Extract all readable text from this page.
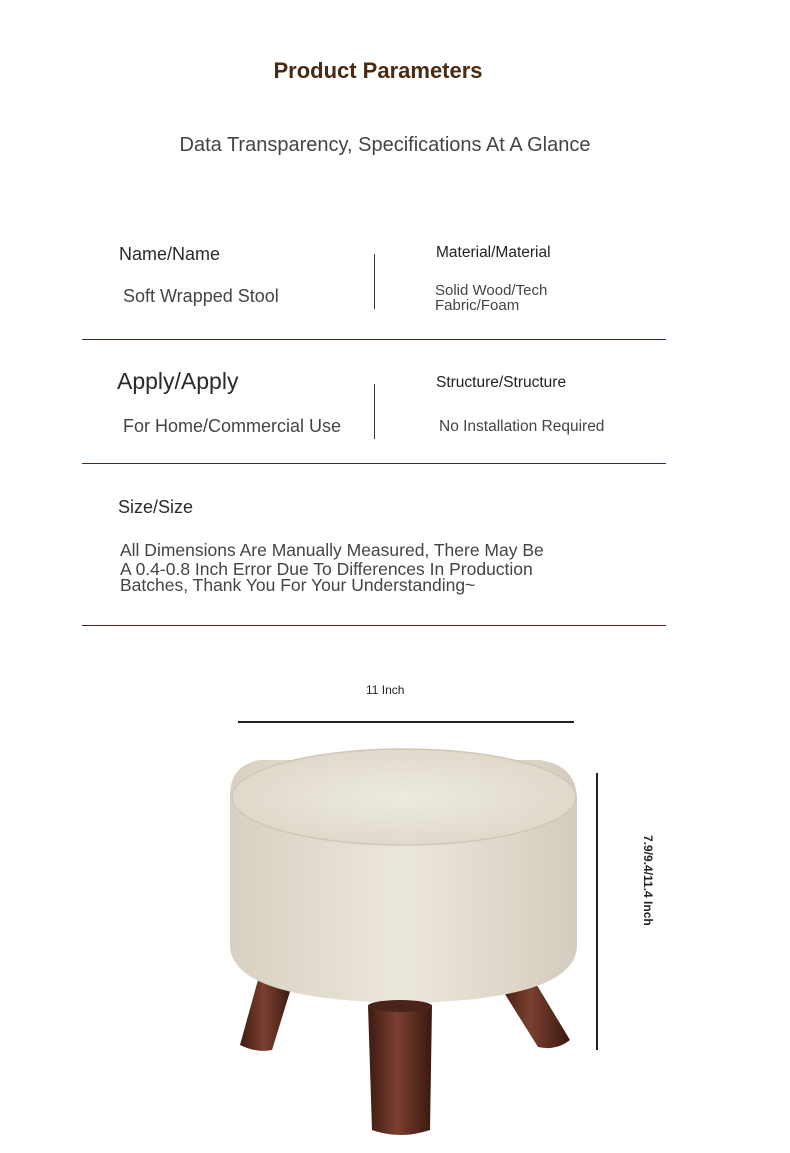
Product Parameters
Data Transparency, Specifications At A Glance
Name/Name
Soft Wrapped Stool
Material/Material
Solid Wood/Tech
Fabric/Foam
Apply/Apply
For Home/Commercial Use
Structure/Structure
No Installation Required
Size/Size
All Dimensions Are Manually Measured, There May Be
A 0.4-0.8 Inch Error Due To Differences In Production
Batches, Thank You For Your Understanding~
11 Inch
7.9/9.4/11.4 Inch
